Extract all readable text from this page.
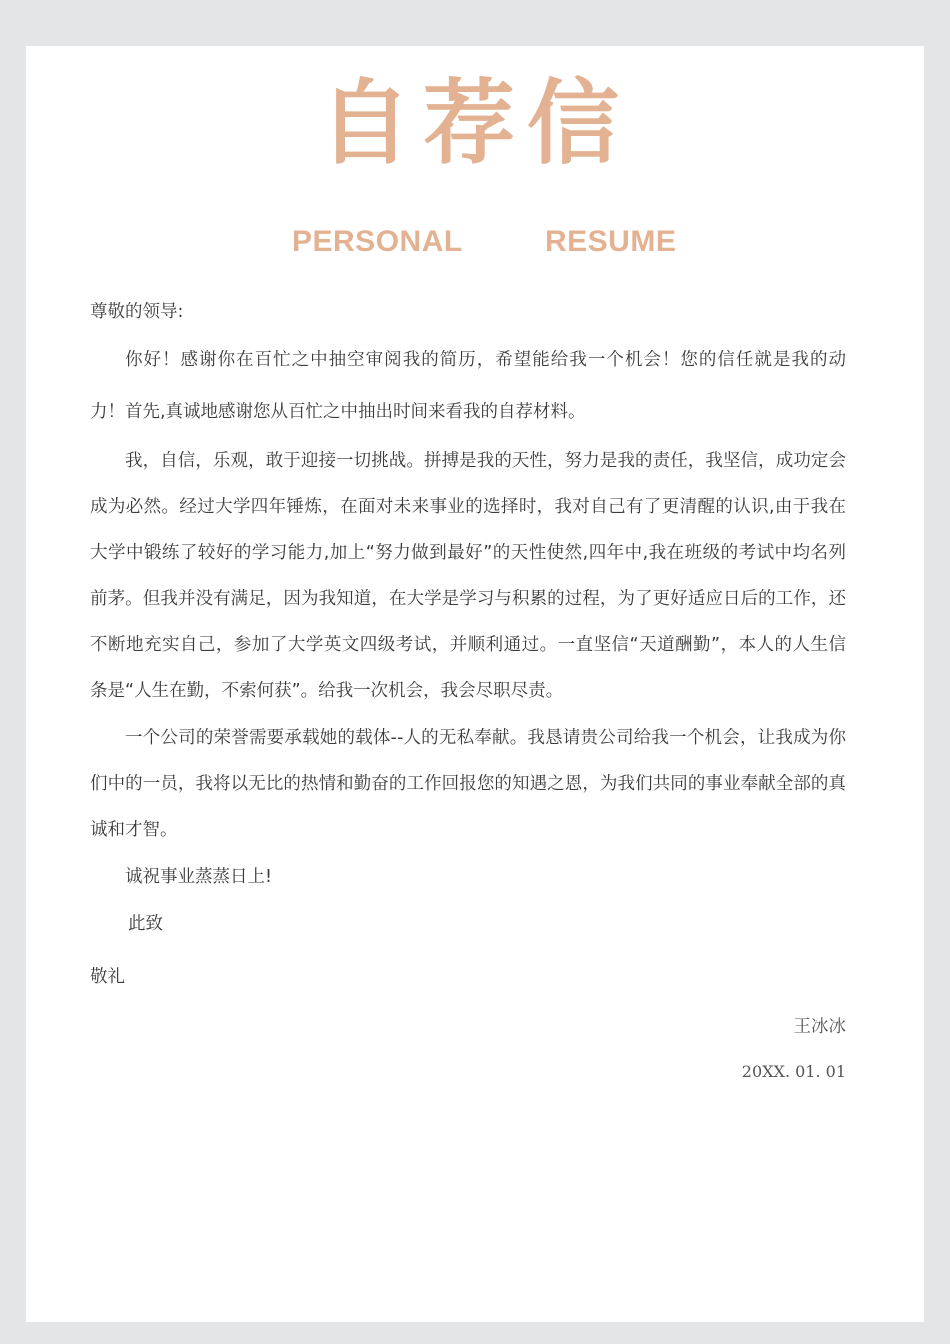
自荐信
PERSONAL	RESUME
尊敬的领导:
你好！感谢你在百忙之中抽空审阅我的简历，希望能给我一个机会！您的信任就是我的动
力！首先,真诚地感谢您从百忙之中抽出时间来看我的自荐材料。
我，自信，乐观，敢于迎接一切挑战。拼搏是我的天性，努力是我的责任，我坚信，成功定会
成为必然。经过大学四年锤炼，在面对未来事业的选择时，我对自己有了更清醒的认识,由于我在
大学中锻练了较好的学习能力,加上“努力做到最好”的天性使然,四年中,我在班级的考试中均名列
前茅。但我并没有满足，因为我知道，在大学是学习与积累的过程，为了更好适应日后的工作，还
不断地充实自己，参加了大学英文四级考试，并顺利通过。一直坚信“天道酬勤”，本人的人生信
条是“人生在勤，不索何获”。给我一次机会，我会尽职尽责。
一个公司的荣誉需要承载她的载体--人的无私奉献。我恳请贵公司给我一个机会，让我成为你
们中的一员，我将以无比的热情和勤奋的工作回报您的知遇之恩，为我们共同的事业奉献全部的真
诚和才智。
诚祝事业蒸蒸日上!
此致
敬礼
王冰冰
20XX. 01. 01
